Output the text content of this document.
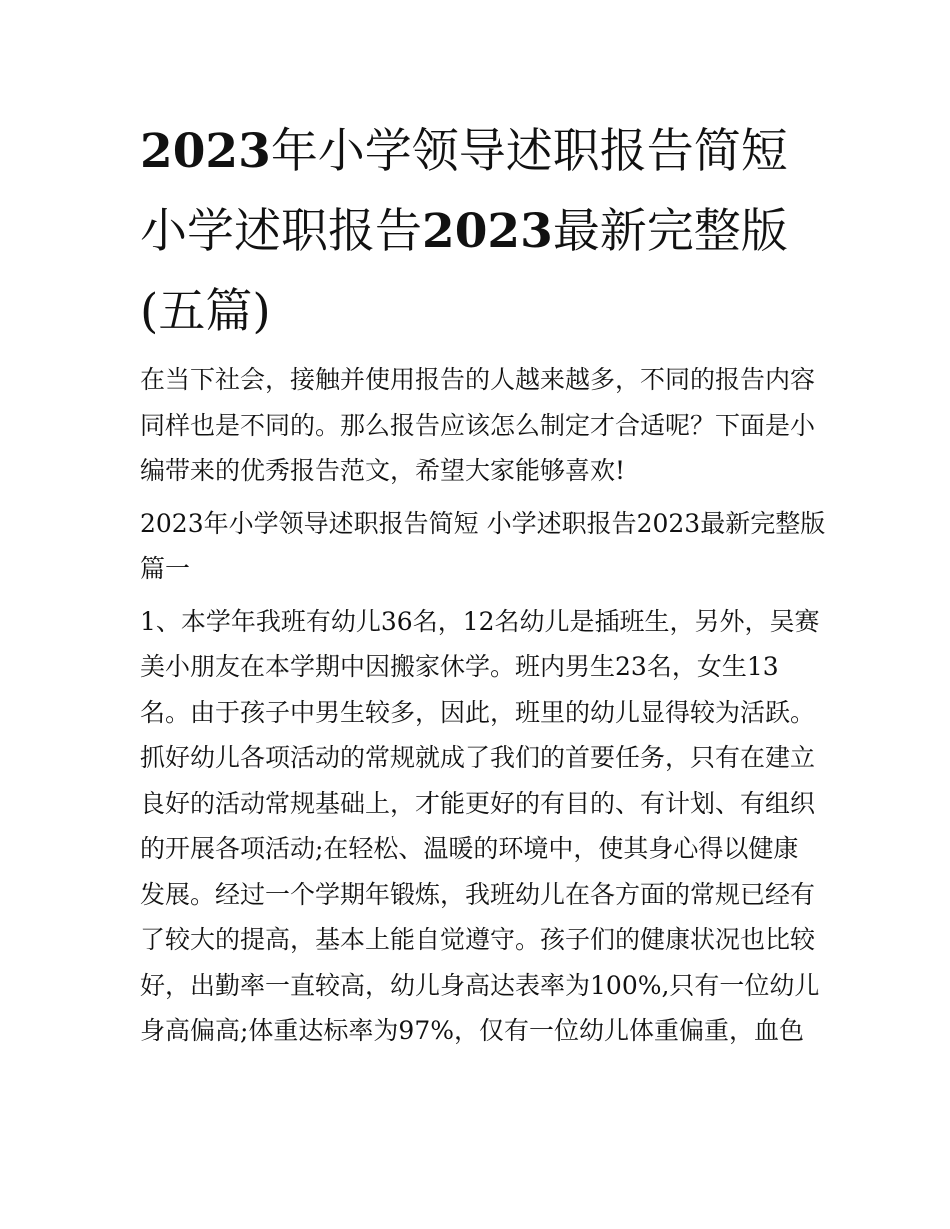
2023年小学领导述职报告简短
小学述职报告2023最新完整版
(五篇)
在当下社会，接触并使用报告的人越来越多，不同的报告内容
同样也是不同的。那么报告应该怎么制定才合适呢？下面是小
编带来的优秀报告范文，希望大家能够喜欢!
2023年小学领导述职报告简短 小学述职报告2023最新完整版
篇一
1、本学年我班有幼儿36名，12名幼儿是插班生，另外，吴赛
美小朋友在本学期中因搬家休学。班内男生23名，女生13
名。由于孩子中男生较多，因此，班里的幼儿显得较为活跃。
抓好幼儿各项活动的常规就成了我们的首要任务，只有在建立
良好的活动常规基础上，才能更好的有目的、有计划、有组织
的开展各项活动;在轻松、温暖的环境中，使其身心得以健康
发展。经过一个学期年锻炼，我班幼儿在各方面的常规已经有
了较大的提高，基本上能自觉遵守。孩子们的健康状况也比较
好，出勤率一直较高，幼儿身高达表率为100%,只有一位幼儿
身高偏高;体重达标率为97%，仅有一位幼儿体重偏重，血色
